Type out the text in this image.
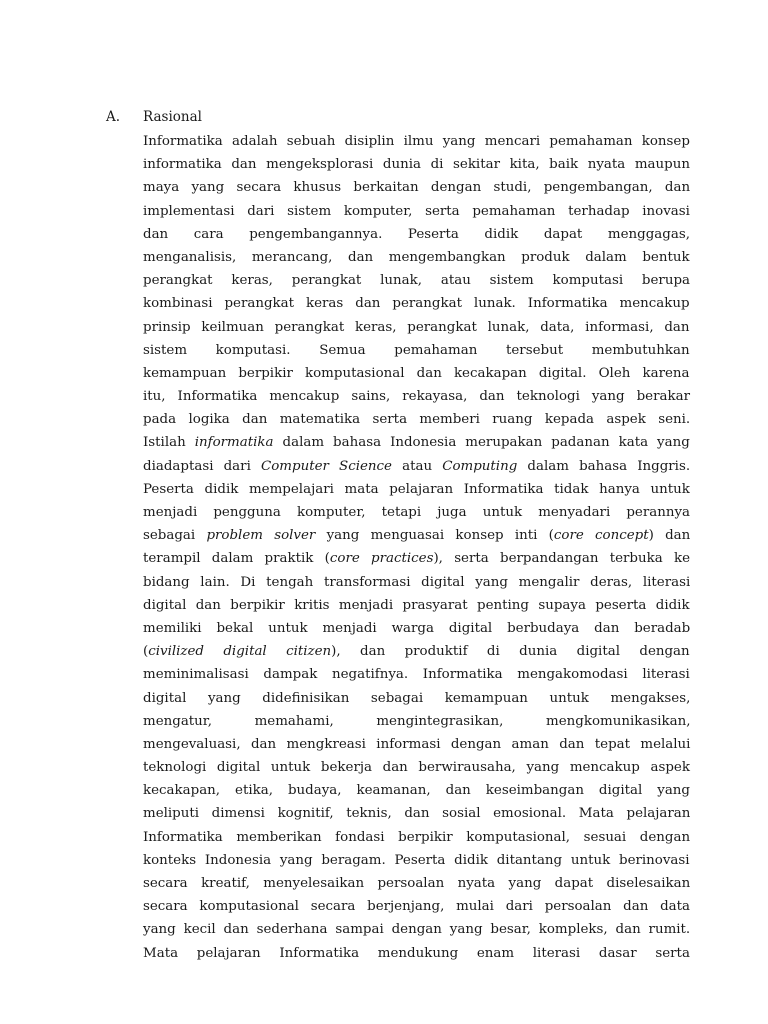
A. Rasional
Informatika adalah sebuah disiplin ilmu yang mencari pemahaman konsep
informatika dan mengeksplorasi dunia di sekitar kita, baik nyata maupun
maya yang secara khusus berkaitan dengan studi, pengembangan, dan
implementasi dari sistem komputer, serta pemahaman terhadap inovasi
dan cara pengembangannya. Peserta didik dapat menggagas,
menganalisis, merancang, dan mengembangkan produk dalam bentuk
perangkat keras, perangkat lunak, atau sistem komputasi berupa
kombinasi perangkat keras dan perangkat lunak. Informatika mencakup
prinsip keilmuan perangkat keras, perangkat lunak, data, informasi, dan
sistem komputasi. Semua pemahaman tersebut membutuhkan
kemampuan berpikir komputasional dan kecakapan digital. Oleh karena
itu, Informatika mencakup sains, rekayasa, dan teknologi yang berakar
pada logika dan matematika serta memberi ruang kepada aspek seni.
Istilah informatika dalam bahasa Indonesia merupakan padanan kata yang
diadaptasi dari Computer Science atau Computing dalam bahasa Inggris.
Peserta didik mempelajari mata pelajaran Informatika tidak hanya untuk
menjadi pengguna komputer, tetapi juga untuk menyadari perannya
sebagai problem solver yang menguasai konsep inti (core concept) dan
terampil dalam praktik (core practices), serta berpandangan terbuka ke
bidang lain. Di tengah transformasi digital yang mengalir deras, literasi
digital dan berpikir kritis menjadi prasyarat penting supaya peserta didik
memiliki bekal untuk menjadi warga digital berbudaya dan beradab
(civilized digital citizen), dan produktif di dunia digital dengan
meminimalisasi dampak negatifnya. Informatika mengakomodasi literasi
digital yang didefinisikan sebagai kemampuan untuk mengakses,
mengatur, memahami, mengintegrasikan, mengkomunikasikan,
mengevaluasi, dan mengkreasi informasi dengan aman dan tepat melalui
teknologi digital untuk bekerja dan berwirausaha, yang mencakup aspek
kecakapan, etika, budaya, keamanan, dan keseimbangan digital yang
meliputi dimensi kognitif, teknis, dan sosial emosional. Mata pelajaran
Informatika memberikan fondasi berpikir komputasional, sesuai dengan
konteks Indonesia yang beragam. Peserta didik ditantang untuk berinovasi
secara kreatif, menyelesaikan persoalan nyata yang dapat diselesaikan
secara komputasional secara berjenjang, mulai dari persoalan dan data
yang kecil dan sederhana sampai dengan yang besar, kompleks, dan rumit.
Mata pelajaran Informatika mendukung enam literasi dasar serta
